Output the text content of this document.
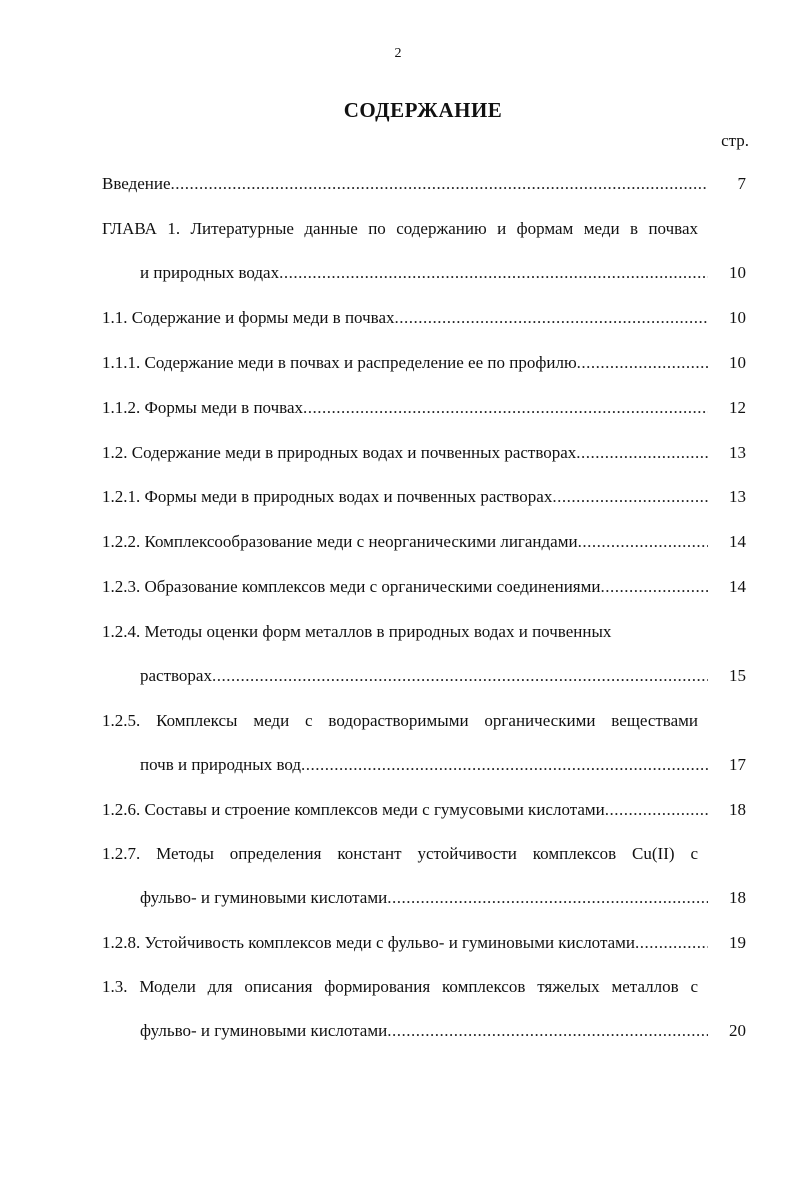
2
СОДЕРЖАНИЕ
стр.
Введение .....	7
ГЛАВА 1. Литературные данные по содержанию и формам меди в почвах
и природных водах .....	10
1.1. Содержание и формы меди в почвах .....	10
1.1.1. Содержание меди в почвах и распределение ее по профилю .....	10
1.1.2. Формы меди в почвах .....	12
1.2. Содержание меди в природных водах и почвенных растворах .....	13
1.2.1. Формы меди в природных водах и почвенных растворах .....	13
1.2.2. Комплексообразование меди с неорганическими лигандами .....	14
1.2.3. Образование комплексов меди с органическими соединениями .....	14
1.2.4. Методы оценки форм металлов в природных водах и почвенных
растворах .....	15
1.2.5. Комплексы меди с водорастворимыми органическими веществами
почв и природных вод .....	17
1.2.6. Составы и строение комплексов меди с гумусовыми кислотами .....	18
1.2.7. Методы определения констант устойчивости комплексов Cu(II) с
фульво- и гуминовыми кислотами .....	18
1.2.8. Устойчивость комплексов меди с фульво- и гуминовыми кислотами .....	19
1.3. Модели для описания формирования комплексов тяжелых металлов с
фульво- и гуминовыми кислотами .....	20
